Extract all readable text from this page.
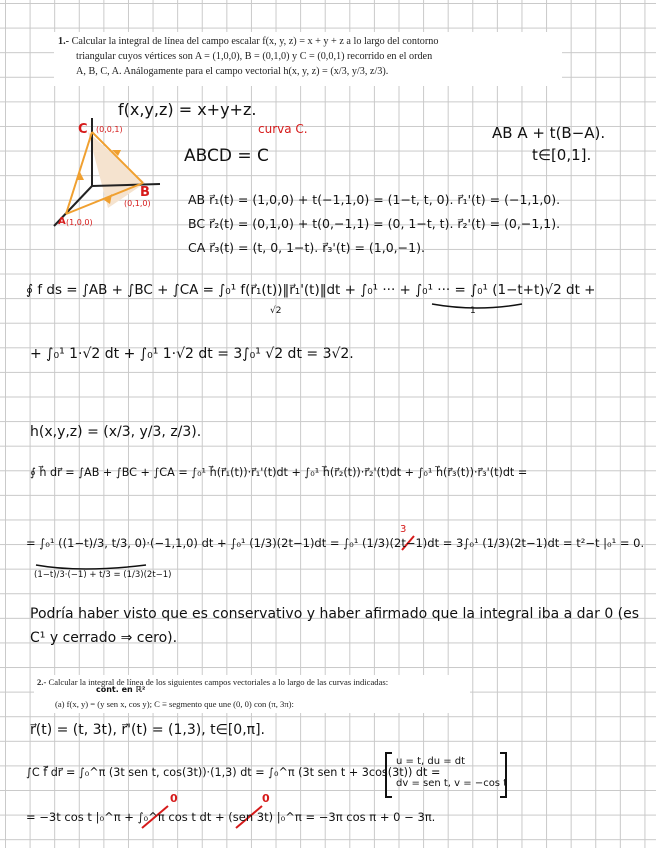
1.- Calcular la integral de línea del campo escalar f(x, y, z) = x + y + z a lo largo del contorno
triangular cuyos vértices son A = (1,0,0), B = (0,1,0) y C = (0,0,1) recorrido en el orden
A, B, C, A. Análogamente para el campo vectorial h(x, y, z) = (x/3, y/3, z/3).
f(x,y,z) = x+y+z.
ABCD = C
curva C.	AB A + t(B−A).
t∈[0,1].
C (0,0,1)
B
(0,1,0)
A (1,0,0)
AB r⃗₁(t) = (1,0,0) + t(−1,1,0) = (1−t, t, 0). r⃗₁'(t) = (−1,1,0).
BC r⃗₂(t) = (0,1,0) + t(0,−1,1) = (0, 1−t, t). r⃗₂'(t) = (0,−1,1).
CA r⃗₃(t) = (t, 0, 1−t). r⃗₃'(t) = (1,0,−1).
∮ f ds = ∫AB + ∫BC + ∫CA = ∫₀¹ f(r⃗₁(t))‖r⃗₁'(t)‖dt + ∫₀¹ ··· + ∫₀¹ ··· = ∫₀¹ (1−t+t)√2 dt +
√2	1
+ ∫₀¹ 1·√2 dt + ∫₀¹ 1·√2 dt = 3∫₀¹ √2 dt = 3√2.
h(x,y,z) = (x/3, y/3, z/3).
∮ h⃗ dr⃗ = ∫AB + ∫BC + ∫CA = ∫₀¹ h⃗(r⃗₁(t))·r⃗₁'(t)dt + ∫₀¹ h⃗(r⃗₂(t))·r⃗₂'(t)dt + ∫₀¹ h⃗(r⃗₃(t))·r⃗₃'(t)dt =
= ∫₀¹ ((1−t)/3, t/3, 0)·(−1,1,0) dt + ∫₀¹ (1/3)(2t−1)dt = ∫₀¹ (1/3)(2t−1)dt = 3∫₀¹ (1/3)(2t−1)dt = t²−t |₀¹ = 0.
(1−t)/3·(−1) + t/3 = (1/3)(2t−1)
3
Podría haber visto que es conservativo y haber afirmado que la integral iba a dar 0 (es
C¹ y cerrado ⇒ cero).
2.- Calcular la integral de línea de los siguientes campos vectoriales a lo largo de las curvas indicadas:
(a) f(x, y) = (y sen x, cos y); C ≡ segmento que une (0, 0) con (π, 3π):
cont. en ℝ²
r⃗(t) = (t, 3t), r⃗'(t) = (1,3), t∈[0,π].
∫C f⃗ dr⃗ = ∫₀^π (3t sen t, cos(3t))·(1,3) dt = ∫₀^π (3t sen t + 3cos(3t)) dt =
u = t, du = dt
dv = sen t, v = −cos t
= −3t cos t |₀^π + ∫₀^π cos t dt + (sen 3t) |₀^π = −3π cos π + 0 − 3π.
0	0
